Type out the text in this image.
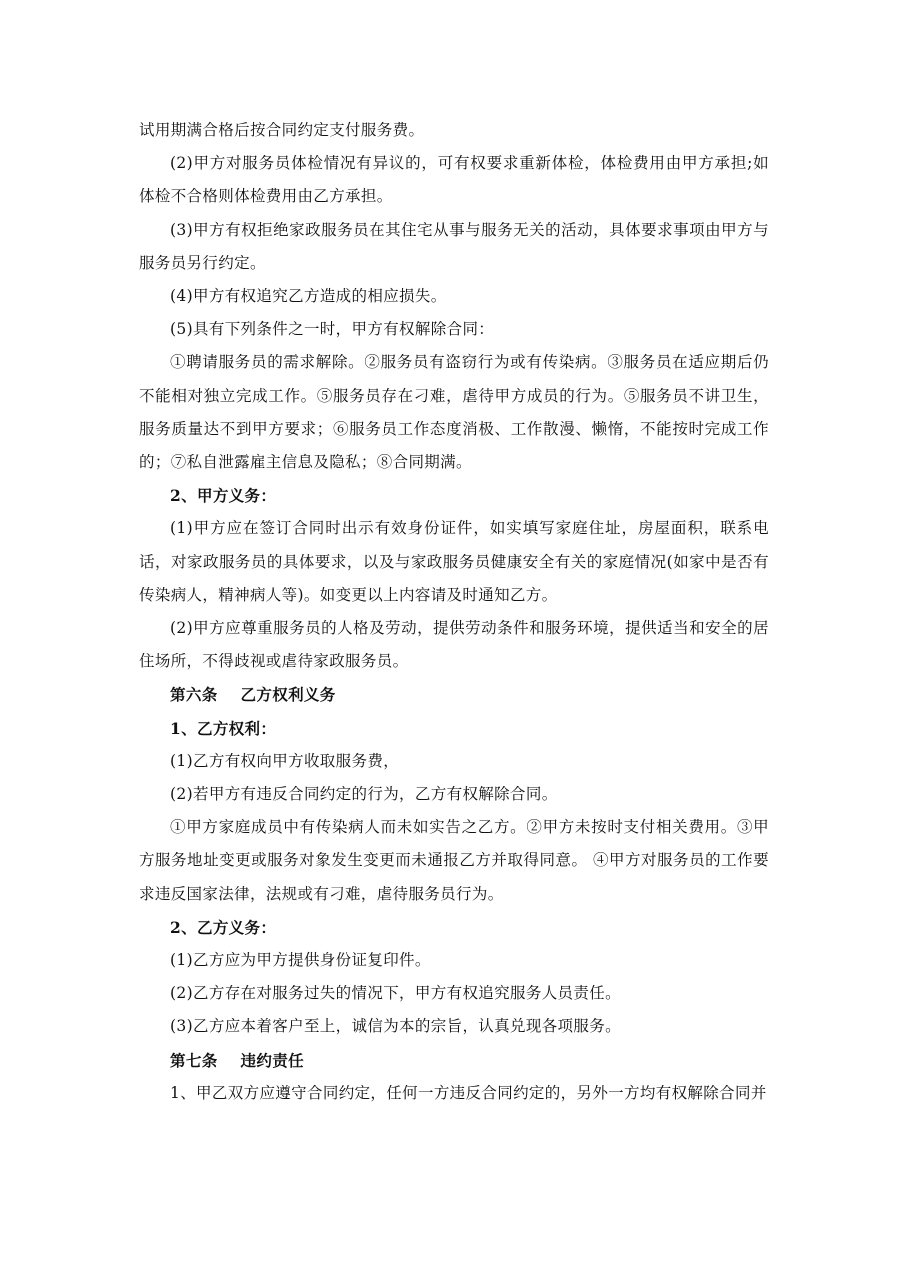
试用期满合格后按合同约定支付服务费。

(2)甲方对服务员体检情况有异议的，可有权要求重新体检，体检费用由甲方承担;如体检不合格则体检费用由乙方承担。

(3)甲方有权拒绝家政服务员在其住宅从事与服务无关的活动，具体要求事项由甲方与服务员另行约定。

(4)甲方有权追究乙方造成的相应损失。

(5)具有下列条件之一时，甲方有权解除合同：

①聘请服务员的需求解除。②服务员有盗窃行为或有传染病。③服务员在适应期后仍不能相对独立完成工作。⑤服务员存在刁难，虐待甲方成员的行为。⑤服务员不讲卫生，服务质量达不到甲方要求；⑥服务员工作态度消极、工作散漫、懒惰，不能按时完成工作的；⑦私自泄露雇主信息及隐私；⑧合同期满。

2、甲方义务：

(1)甲方应在签订合同时出示有效身份证件，如实填写家庭住址，房屋面积，联系电话，对家政服务员的具体要求，以及与家政服务员健康安全有关的家庭情况(如家中是否有传染病人，精神病人等)。如变更以上内容请及时通知乙方。

(2)甲方应尊重服务员的人格及劳动，提供劳动条件和服务环境，提供适当和安全的居住场所，不得歧视或虐待家政服务员。

第六条    乙方权利义务

1、乙方权利：

(1)乙方有权向甲方收取服务费，

(2)若甲方有违反合同约定的行为，乙方有权解除合同。

①甲方家庭成员中有传染病人而未如实告之乙方。②甲方未按时支付相关费用。③甲方服务地址变更或服务对象发生变更而未通报乙方并取得同意。 ④甲方对服务员的工作要求违反国家法律，法规或有刁难，虐待服务员行为。

2、乙方义务：

(1)乙方应为甲方提供身份证复印件。

(2)乙方存在对服务过失的情况下，甲方有权追究服务人员责任。

(3)乙方应本着客户至上，诚信为本的宗旨，认真兑现各项服务。

第七条    违约责任

1、甲乙双方应遵守合同约定，任何一方违反合同约定的，另外一方均有权解除合同并
